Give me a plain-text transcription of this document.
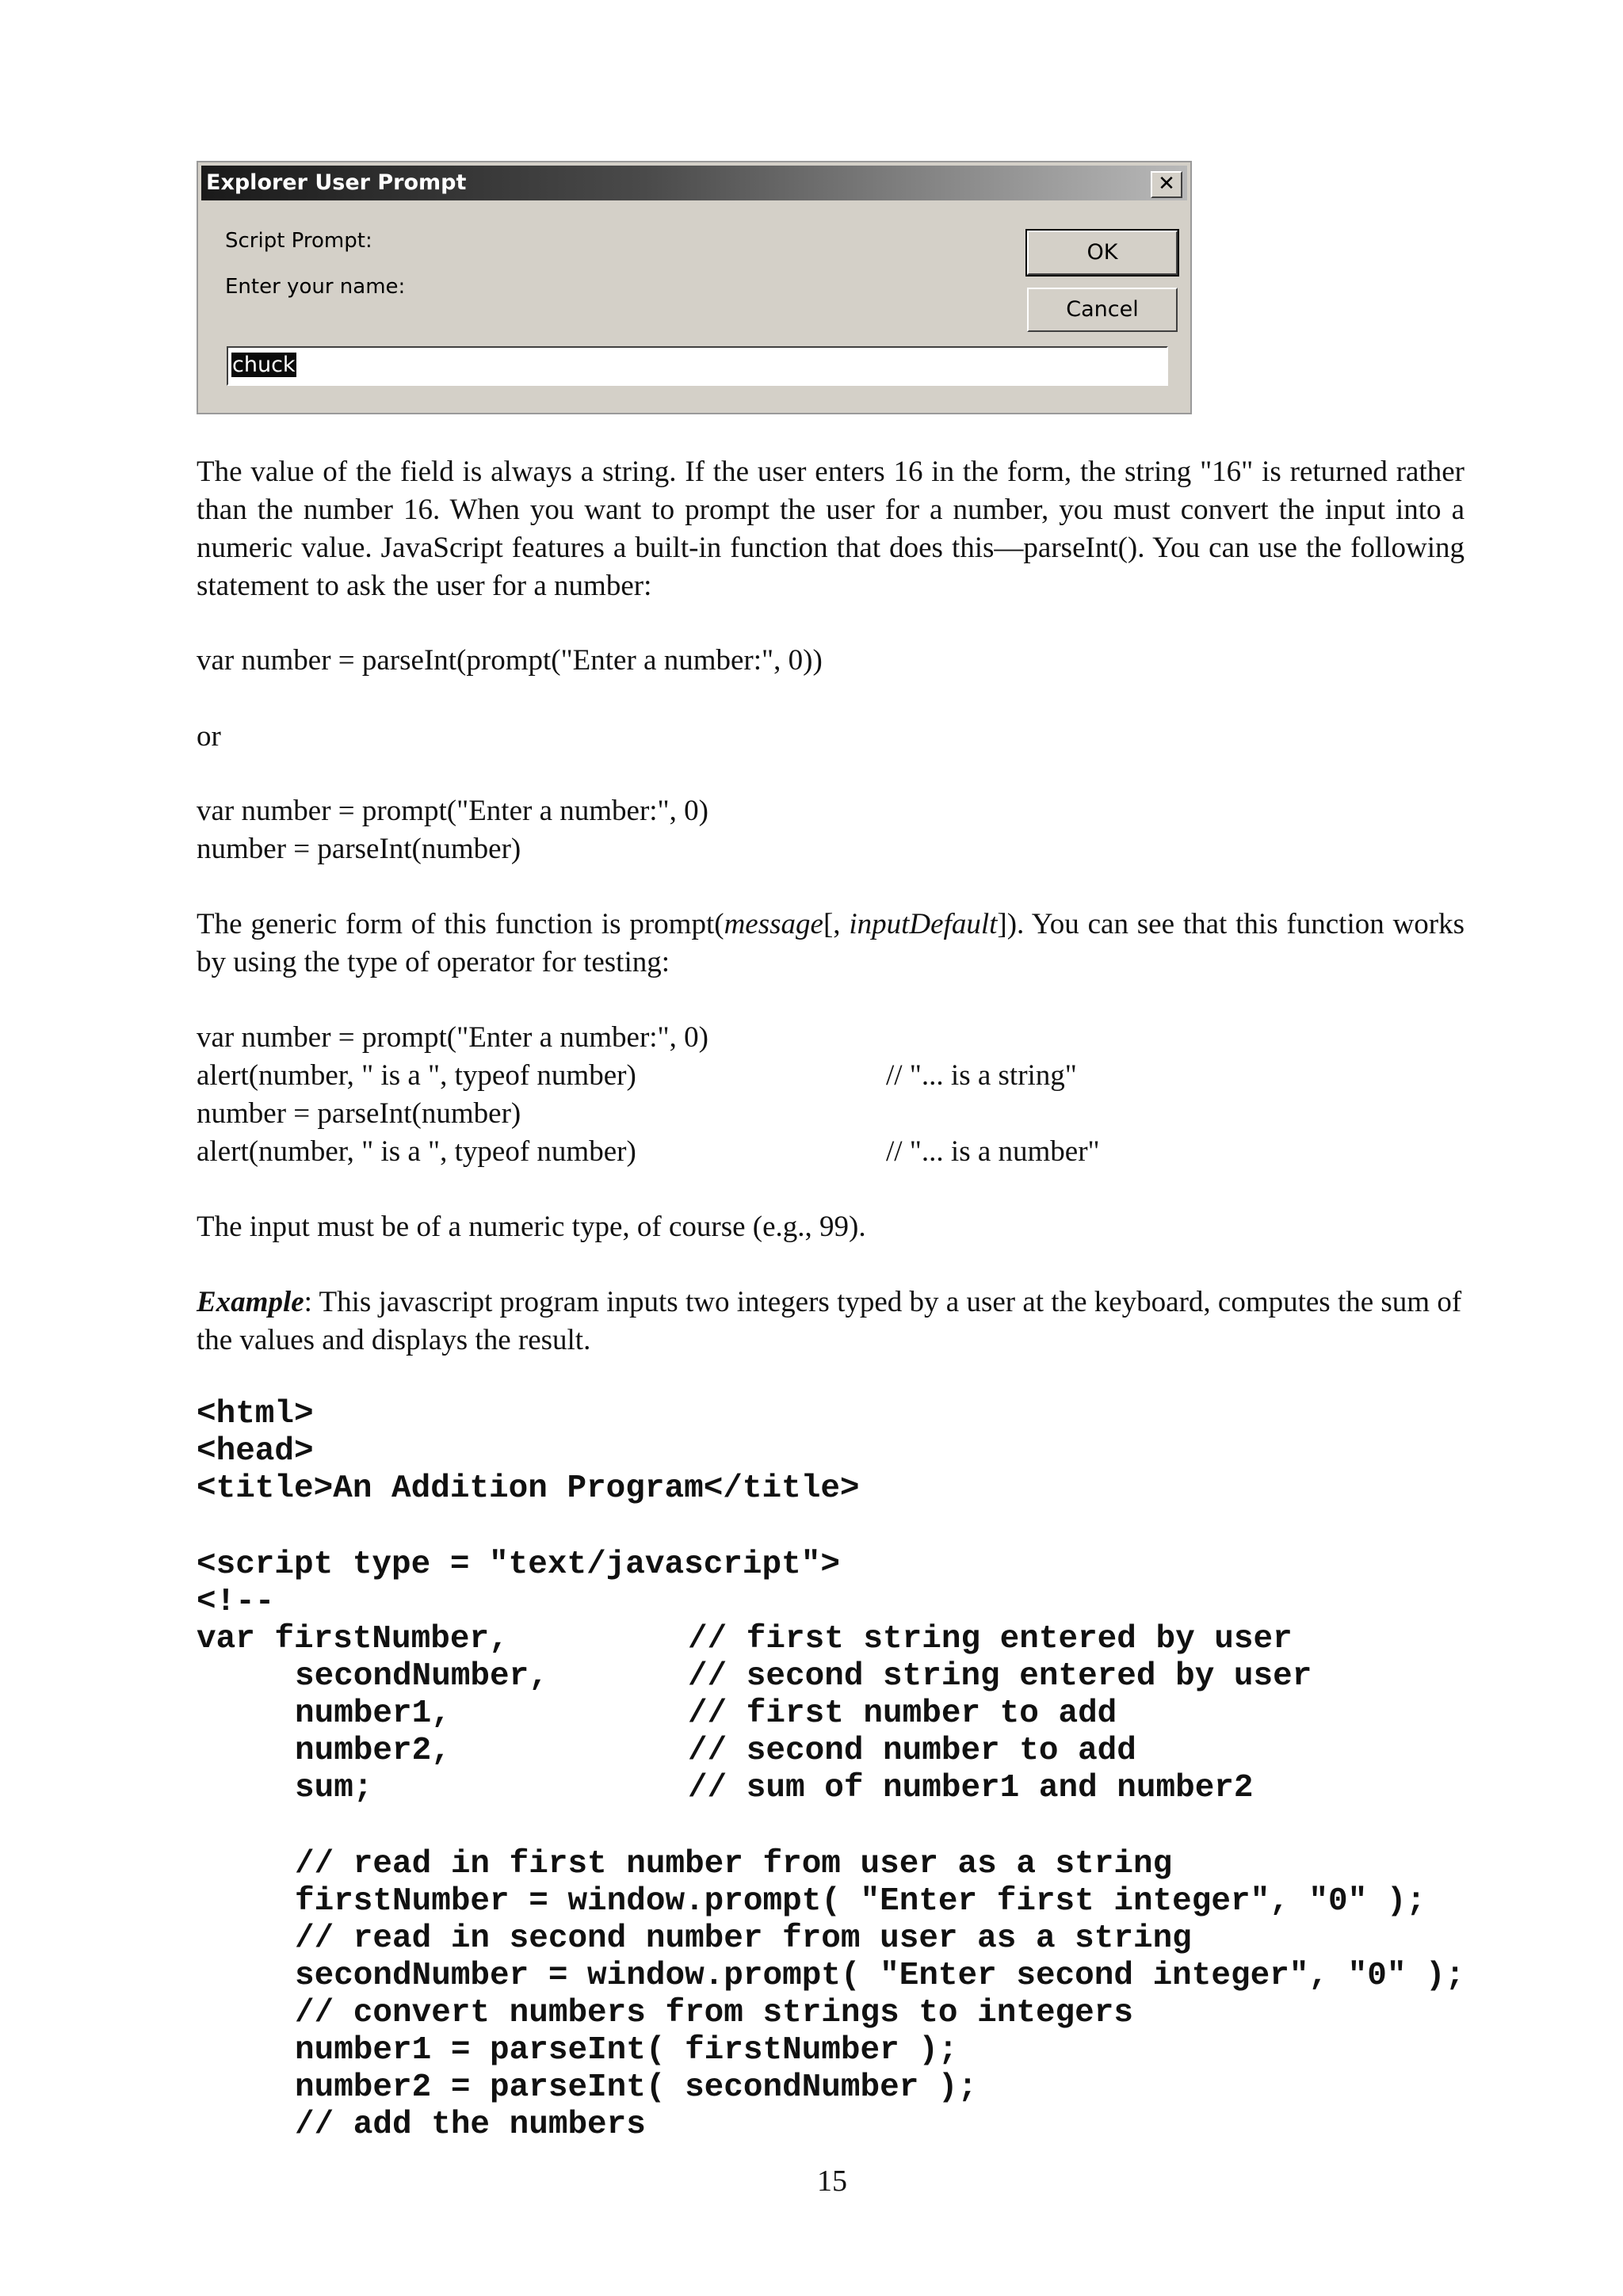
Explorer User Prompt	✕
Script Prompt:
Enter your name:
OK
Cancel
chuck

The value of the field is always a string. If the user enters 16 in the form, the string "16" is returned rather than the number 16. When you want to prompt the user for a number, you must convert the input into a numeric value. JavaScript features a built-in function that does this—parseInt(). You can use the following statement to ask the user for a number:

var number = parseInt(prompt("Enter a number:", 0))
or
var number = prompt("Enter a number:", 0)
number = parseInt(number)

The generic form of this function is prompt(message[, inputDefault]). You can see that this function works by using the type of operator for testing:

var number = prompt("Enter a number:", 0)
alert(number, " is a ", typeof number)	// "... is a string"
number = parseInt(number)
alert(number, " is a ", typeof number)	// "... is a number"
The input must be of a numeric type, of course (e.g., 99).

Example: This javascript program inputs two integers typed by a user at the keyboard, computes the sum of the values and displays the result.

<html>
<head>
<title>An Addition Program</title>
<script type = "text/javascript">
<!--
var firstNumber,	// first string entered by user
secondNumber,	// second string entered by user
number1,	// first number to add
number2,	// second number to add
sum;	// sum of number1 and number2
// read in first number from user as a string
firstNumber = window.prompt( "Enter first integer", "0" );
// read in second number from user as a string
secondNumber = window.prompt( "Enter second integer", "0" );
// convert numbers from strings to integers
number1 = parseInt( firstNumber );
number2 = parseInt( secondNumber );
// add the numbers
15
